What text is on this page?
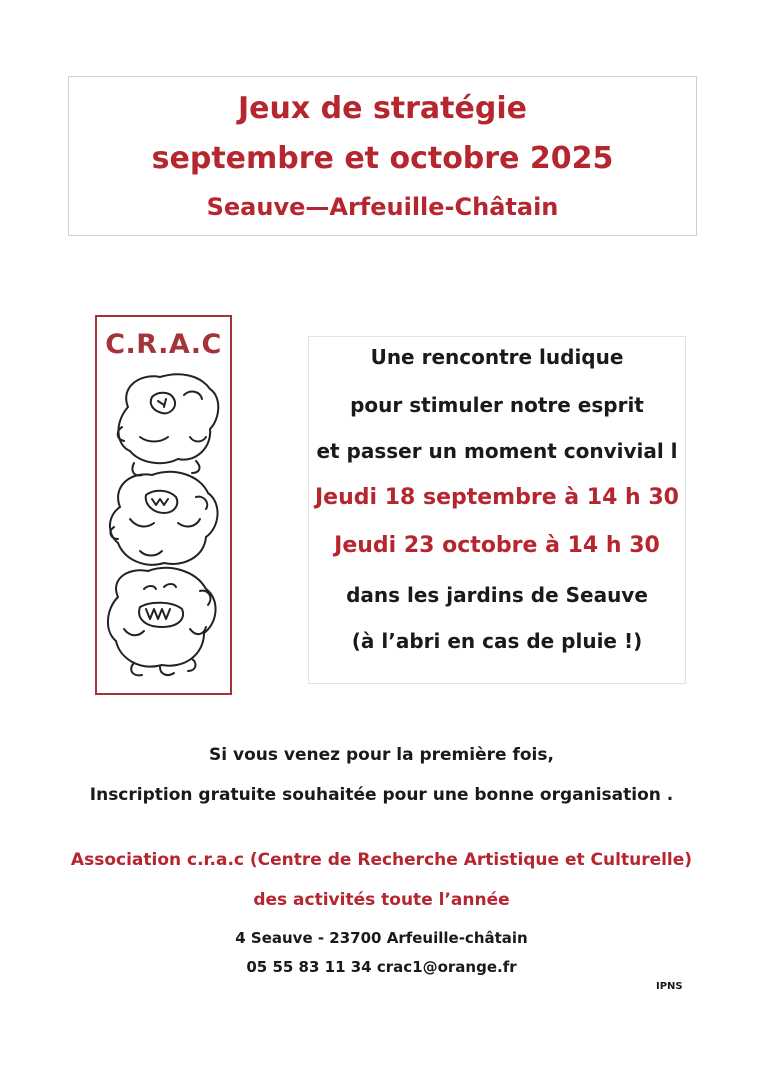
Jeux de stratégie
septembre et octobre 2025
Seauve—Arfeuille-Châtain
C.R.A.C	Une rencontre ludique
pour stimuler notre esprit
et passer un moment convivial l
Jeudi 18 septembre à 14 h 30
Jeudi 23 octobre à 14 h 30
dans les jardins de Seauve
(à l’abri en cas de pluie !)
Si vous venez pour la première fois,
Inscription gratuite souhaitée pour une bonne organisation .
Association c.r.a.c (Centre de Recherche Artistique et Culturelle)
des activités toute l’année
4 Seauve - 23700 Arfeuille-châtain
05 55 83 11 34 crac1@orange.fr
IPNS
